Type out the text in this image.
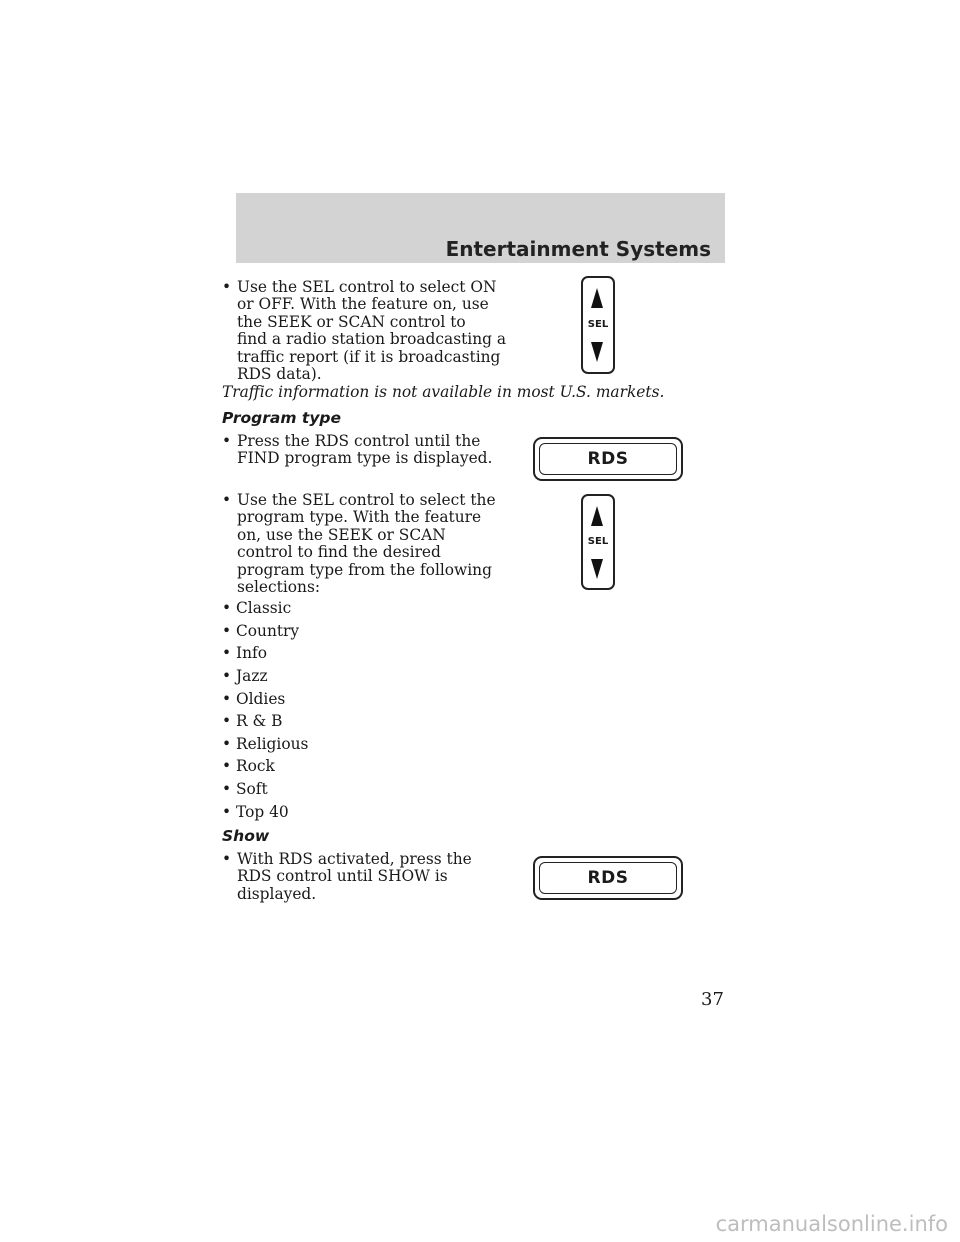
Entertainment Systems
• Use the SEL control to select ON
or OFF. With the feature on, use
the SEEK or SCAN control to
find a radio station broadcasting a
traffic report (if it is broadcasting
RDS data).
SEL
Traffic information is not available in most U.S. markets.
Program type
• Press the RDS control until the
FIND program type is displayed.	RDS
• Use the SEL control to select the
program type. With the feature
on, use the SEEK or SCAN
control to find the desired
program type from the following
selections:
SEL
• Classic
• Country
• Info
• Jazz
• Oldies
• R & B
• Religious
• Rock
• Soft
• Top 40
Show
• With RDS activated, press the
RDS control until SHOW is
displayed.
RDS
37
carmanualsonline.info
